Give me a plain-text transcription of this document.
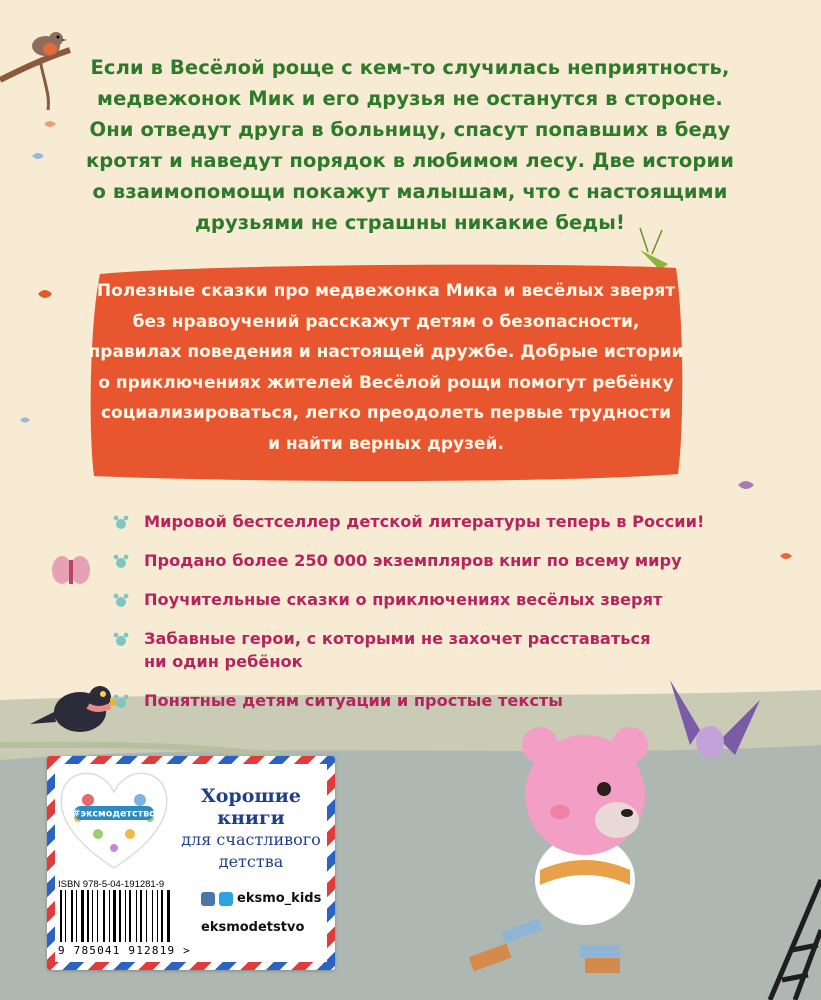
Если в Весёлой роще с кем-то случилась неприятность,
медвежонок Мик и его друзья не останутся в стороне.
Они отведут друга в больницу, спасут попавших в беду
кротят и наведут порядок в любимом лесу. Две истории
о взаимопомощи покажут малышам, что с настоящими
друзьями не страшны никакие беды!
Полезные сказки про медвежонка Мика и весёлых зверят
без нравоучений расскажут детям о безопасности,
правилах поведения и настоящей дружбе. Добрые истории
о приключениях жителей Весёлой рощи помогут ребёнку
социализироваться, легко преодолеть первые трудности
и найти верных друзей.
Мировой бестселлер детской литературы теперь в России!
Продано более 250 000 экземпляров книг по всему миру
Поучительные сказки о приключениях весёлых зверят
Забавные герои, с которыми не захочет расставаться
ни один ребёнок
Понятные детям ситуации и простые тексты
#эксмодетство
Хорошие
книги
для счастливого
детства
ISBN 978-5-04-191281-9
9 785041 912819 >
eksmo_kids
eksmodetstvo
